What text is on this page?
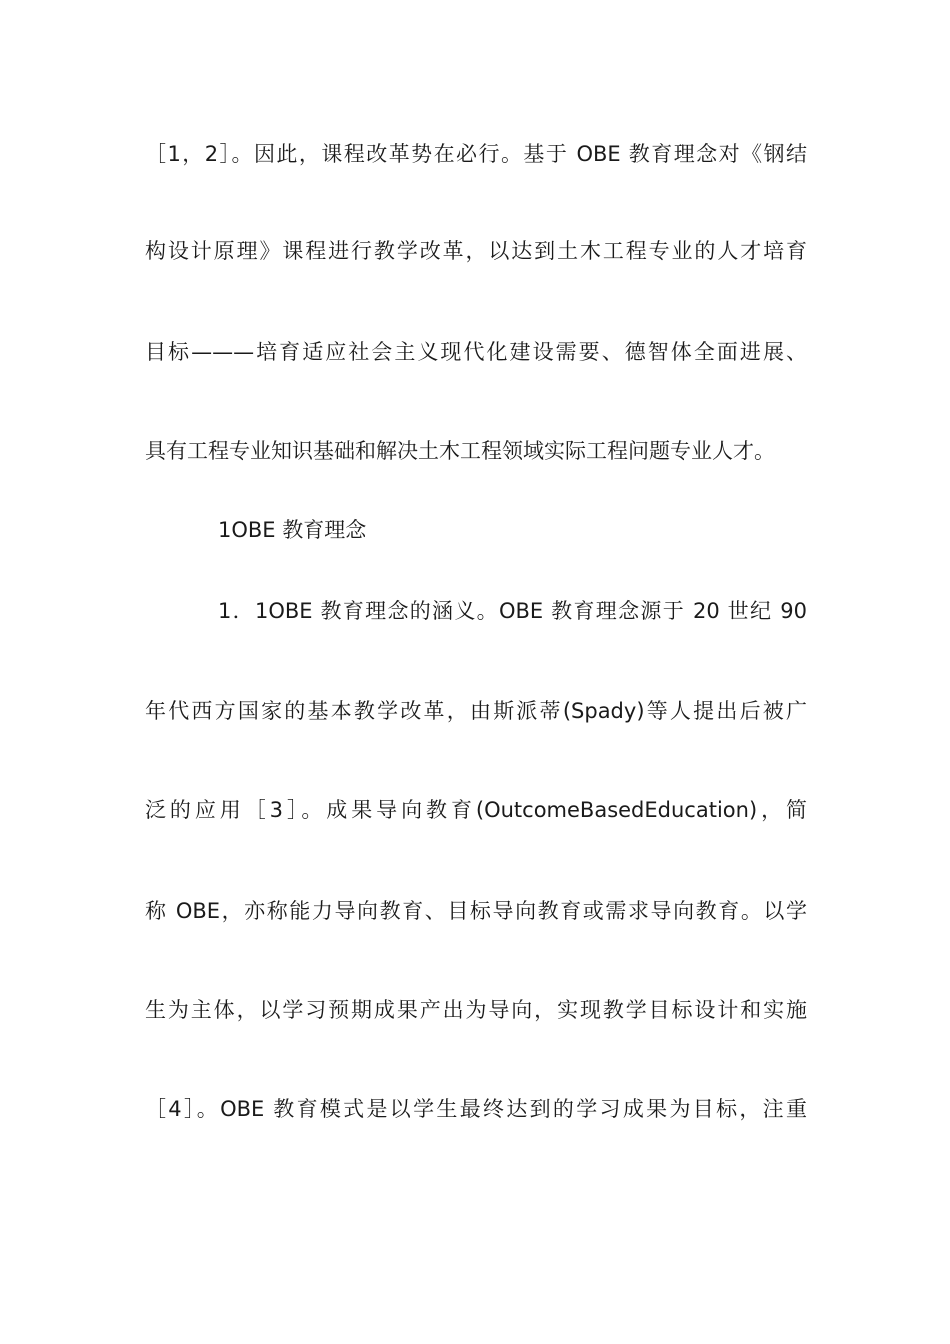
［1，2］。因此，课程改革势在必行。基于 OBE 教育理念对《钢结
构设计原理》课程进行教学改革，以达到土木工程专业的人才培育
目标———培育适应社会主义现代化建设需要、德智体全面进展、
具有工程专业知识基础和解决土木工程领域实际工程问题专业人才。
1OBE 教育理念
1．1OBE 教育理念的涵义。OBE 教育理念源于 20 世纪 90
年代西方国家的基本教学改革，由斯派蒂(Spady)等人提出后被广
泛的应用［3］。成果导向教育(OutcomeBasedEducation)，简
称 OBE，亦称能力导向教育、目标导向教育或需求导向教育。以学
生为主体，以学习预期成果产出为导向，实现教学目标设计和实施
［4］。OBE 教育模式是以学生最终达到的学习成果为目标，注重
